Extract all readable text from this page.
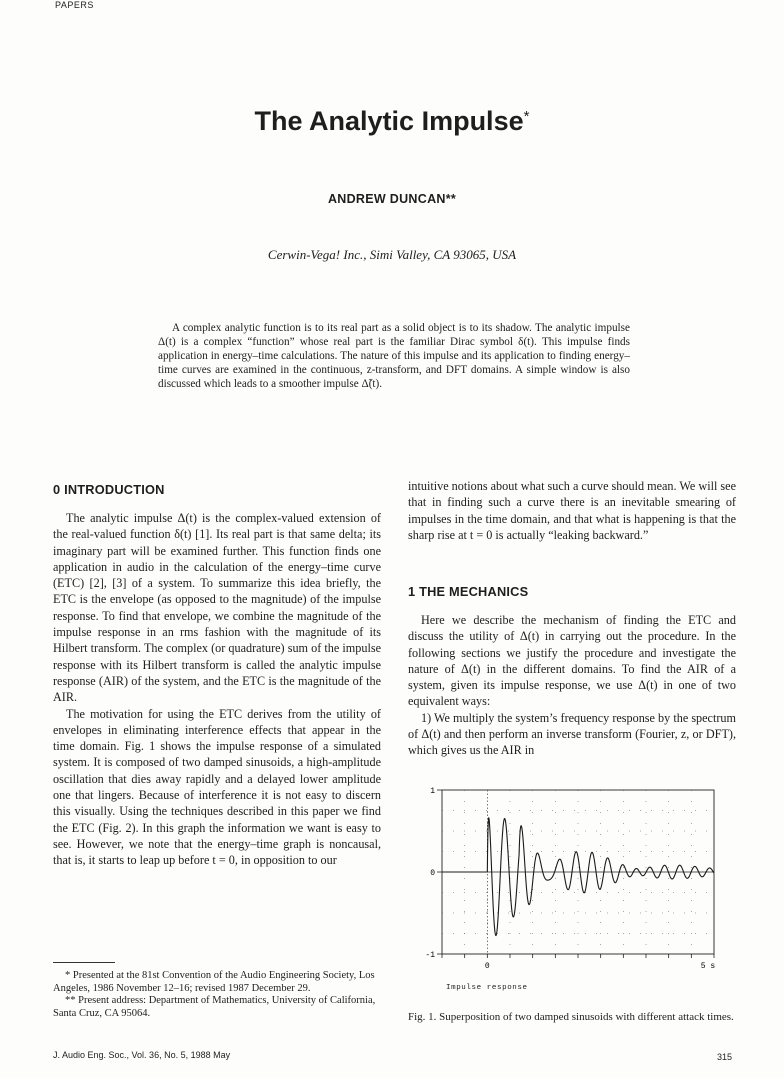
PAPERS
The Analytic Impulse*
ANDREW DUNCAN**
Cerwin-Vega! Inc., Simi Valley, CA 93065, USA

A complex analytic function is to its real part as a solid object is to its shadow. The analytic impulse Δ(t) is a complex “function” whose real part is the familiar Dirac symbol δ(t). This impulse finds application in energy–time calculations. The nature of this impulse and its application to finding energy–time curves are examined in the continuous, z-transform, and DFT domains. A simple window is also discussed which leads to a smoother impulse Δ̃(t).

0 INTRODUCTION

The analytic impulse Δ(t) is the complex-valued extension of the real-valued function δ(t) [1]. Its real part is that same delta; its imaginary part will be examined further. This function finds one application in audio in the calculation of the energy–time curve (ETC) [2], [3] of a system. To summarize this idea briefly, the ETC is the envelope (as opposed to the magnitude) of the impulse response. To find that envelope, we combine the magnitude of the impulse response in an rms fashion with the magnitude of its Hilbert transform. The complex (or quadrature) sum of the impulse response with its Hilbert transform is called the analytic impulse response (AIR) of the system, and the ETC is the magnitude of the AIR.

The motivation for using the ETC derives from the utility of envelopes in eliminating interference effects that appear in the time domain. Fig. 1 shows the impulse response of a simulated system. It is composed of two damped sinusoids, a high-amplitude oscillation that dies away rapidly and a delayed lower amplitude one that lingers. Because of interference it is not easy to discern this visually. Using the techniques described in this paper we find the ETC (Fig. 2). In this graph the information we want is easy to see. However, we note that the energy–time graph is noncausal, that is, it starts to leap up before t = 0, in opposition to our

* Presented at the 81st Convention of the Audio Engineering Society, Los Angeles, 1986 November 12–16; revised 1987 December 29.

** Present address: Department of Mathematics, University of California, Santa Cruz, CA 95064.

intuitive notions about what such a curve should mean. We will see that in finding such a curve there is an inevitable smearing of impulses in the time domain, and that what is happening is that the sharp rise at t = 0 is actually “leaking backward.”

1 THE MECHANICS

Here we describe the mechanism of finding the ETC and discuss the utility of Δ(t) in carrying out the procedure. In the following sections we justify the procedure and investigate the nature of Δ(t) in the different domains. To find the AIR of a system, given its impulse response, we use Δ(t) in one of two equivalent ways:

1) We multiply the system’s frequency response by the spectrum of Δ(t) and then perform an inverse transform (Fourier, z, or DFT), which gives us the AIR in

1
0
-1
0	5 s
Impulse response
Fig. 1. Superposition of two damped sinusoids with different attack times.
J. Audio Eng. Soc., Vol. 36, No. 5, 1988 May	315
